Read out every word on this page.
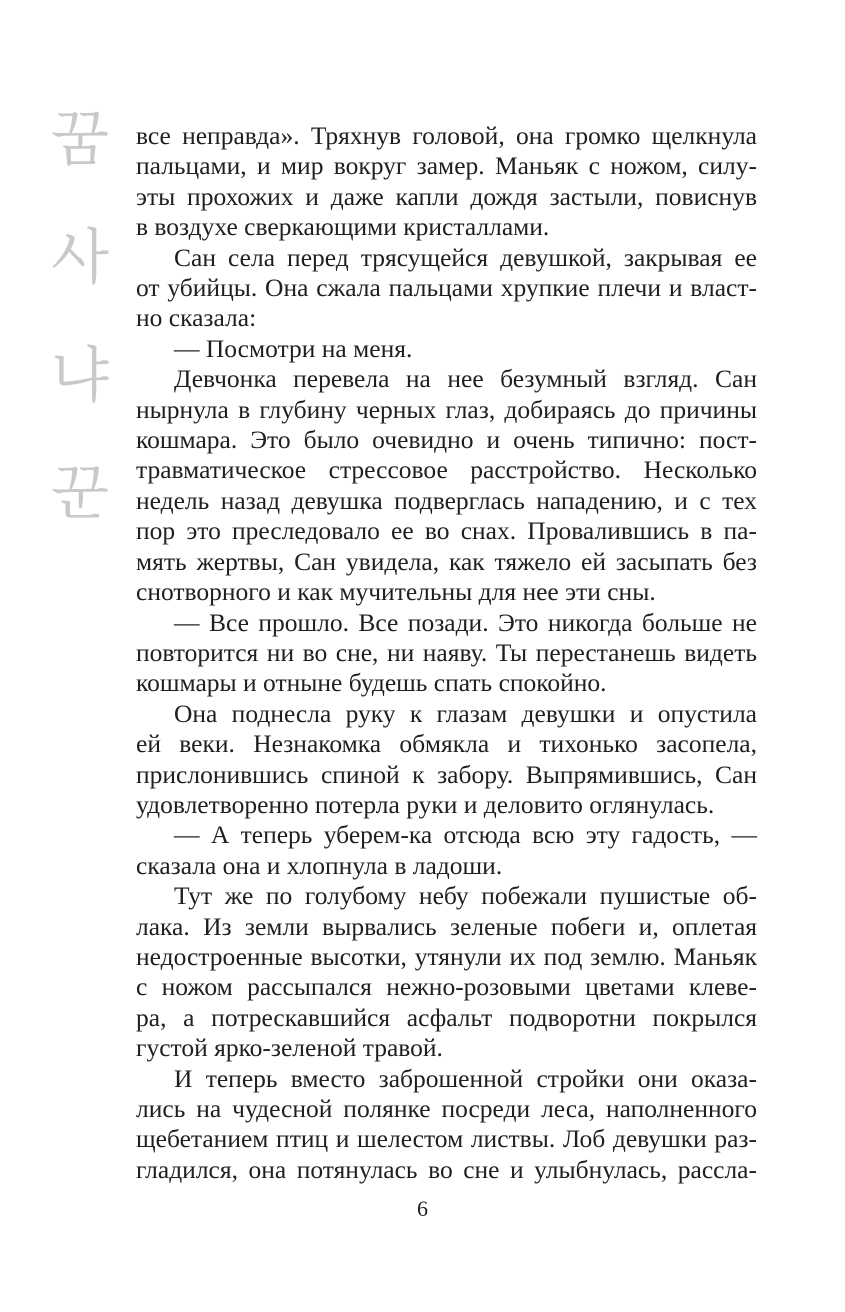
꿈
사
냐
꾼
все неправда». Тряхнув головой, она громко щелкнула
пальцами, и мир вокруг замер. Маньяк с ножом, силу-
эты прохожих и даже капли дождя застыли, повиснув
в воздухе сверкающими кристаллами.
Сан села перед трясущейся девушкой, закрывая ее
от убийцы. Она сжала пальцами хрупкие плечи и власт-
но сказала:
— Посмотри на меня.
Девчонка перевела на нее безумный взгляд. Сан
нырнула в глубину черных глаз, добираясь до причины
кошмара. Это было очевидно и очень типично: пост-
травматическое стрессовое расстройство. Несколько
недель назад девушка подверглась нападению, и с тех
пор это преследовало ее во снах. Провалившись в па-
мять жертвы, Сан увидела, как тяжело ей засыпать без
снотворного и как мучительны для нее эти сны.
— Все прошло. Все позади. Это никогда больше не
повторится ни во сне, ни наяву. Ты перестанешь видеть
кошмары и отныне будешь спать спокойно.
Она поднесла руку к глазам девушки и опустила
ей веки. Незнакомка обмякла и тихонько засопела,
прислонившись спиной к забору. Выпрямившись, Сан
удовлетворенно потерла руки и деловито оглянулась.
— А теперь уберем-ка отсюда всю эту гадость, —
сказала она и хлопнула в ладоши.
Тут же по голубому небу побежали пушистые об-
лака. Из земли вырвались зеленые побеги и, оплетая
недостроенные высотки, утянули их под землю. Маньяк
с ножом рассыпался нежно-розовыми цветами клеве-
ра, а потрескавшийся асфальт подворотни покрылся
густой ярко-зеленой травой.
И теперь вместо заброшенной стройки они оказа-
лись на чудесной полянке посреди леса, наполненного
щебетанием птиц и шелестом листвы. Лоб девушки раз-
гладился, она потянулась во сне и улыбнулась, рассла-
6
